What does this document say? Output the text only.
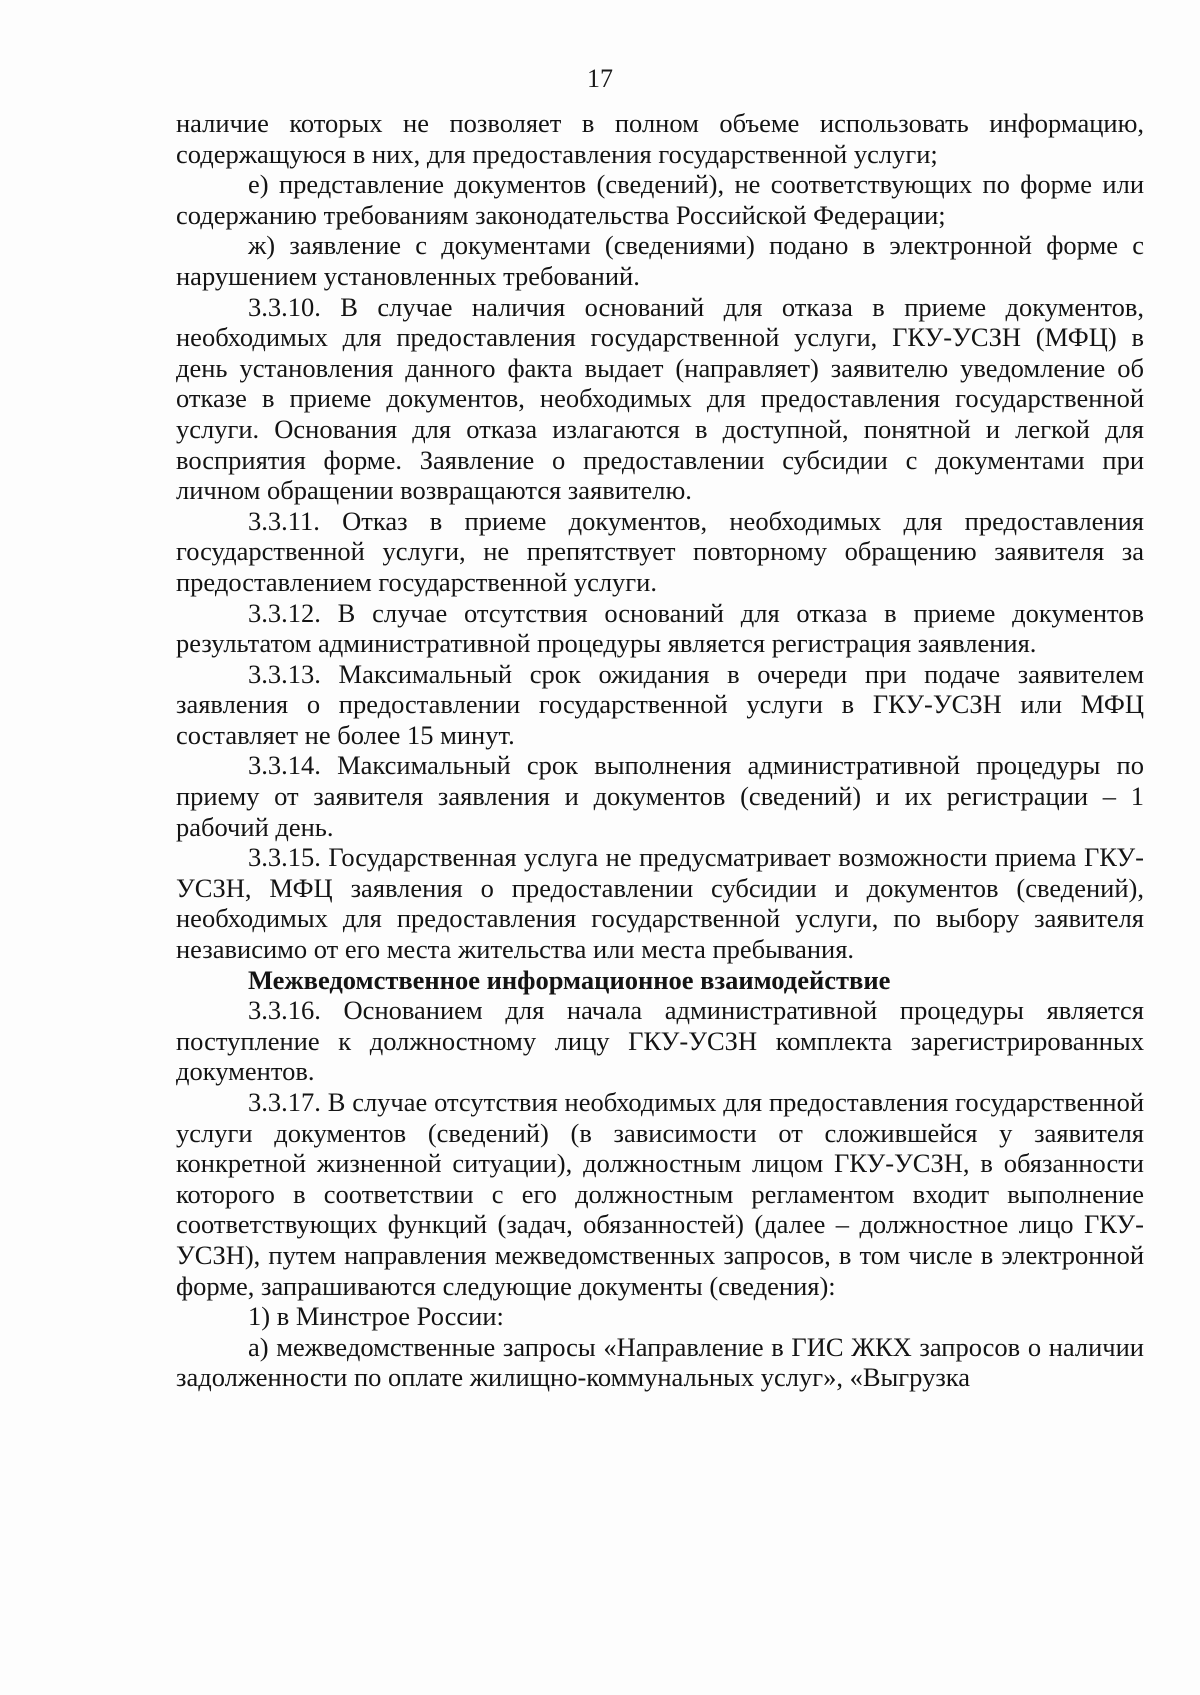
17

наличие которых не позволяет в полном объеме использовать информацию, содержащуюся в них, для предоставления государственной услуги;

е) представление документов (сведений), не соответствующих по форме или содержанию требованиям законодательства Российской Федерации;

ж) заявление с документами (сведениями) подано в электронной форме с нарушением установленных требований.

3.3.10. В случае наличия оснований для отказа в приеме документов, необходимых для предоставления государственной услуги, ГКУ-УСЗН (МФЦ) в день установления данного факта выдает (направляет) заявителю уведомление об отказе в приеме документов, необходимых для предоставления государственной услуги. Основания для отказа излагаются в доступной, понятной и легкой для восприятия форме. Заявление о предоставлении субсидии с документами при личном обращении возвращаются заявителю.

3.3.11. Отказ в приеме документов, необходимых для предоставления государственной услуги, не препятствует повторному обращению заявителя за предоставлением государственной услуги.

3.3.12. В случае отсутствия оснований для отказа в приеме документов результатом административной процедуры является регистрация заявления.

3.3.13. Максимальный срок ожидания в очереди при подаче заявителем заявления о предоставлении государственной услуги в ГКУ-УСЗН или МФЦ составляет не более 15 минут.

3.3.14. Максимальный срок выполнения административной процедуры по приему от заявителя заявления и документов (сведений) и их регистрации – 1 рабочий день.

3.3.15. Государственная услуга не предусматривает возможности приема ГКУ-УСЗН, МФЦ заявления о предоставлении субсидии и документов (сведений), необходимых для предоставления государственной услуги, по выбору заявителя независимо от его места жительства или места пребывания.

Межведомственное информационное взаимодействие

3.3.16. Основанием для начала административной процедуры является поступление к должностному лицу ГКУ-УСЗН комплекта зарегистрированных документов.

3.3.17. В случае отсутствия необходимых для предоставления государственной услуги документов (сведений) (в зависимости от сложившейся у заявителя конкретной жизненной ситуации), должностным лицом ГКУ-УСЗН, в обязанности которого в соответствии с его должностным регламентом входит выполнение соответствующих функций (задач, обязанностей) (далее – должностное лицо ГКУ-УСЗН), путем направления межведомственных запросов, в том числе в электронной форме, запрашиваются следующие документы (сведения):

1) в Минстрое России:

а) межведомственные запросы «Направление в ГИС ЖКХ запросов о наличии задолженности по оплате жилищно-коммунальных услуг», «Выгрузка
